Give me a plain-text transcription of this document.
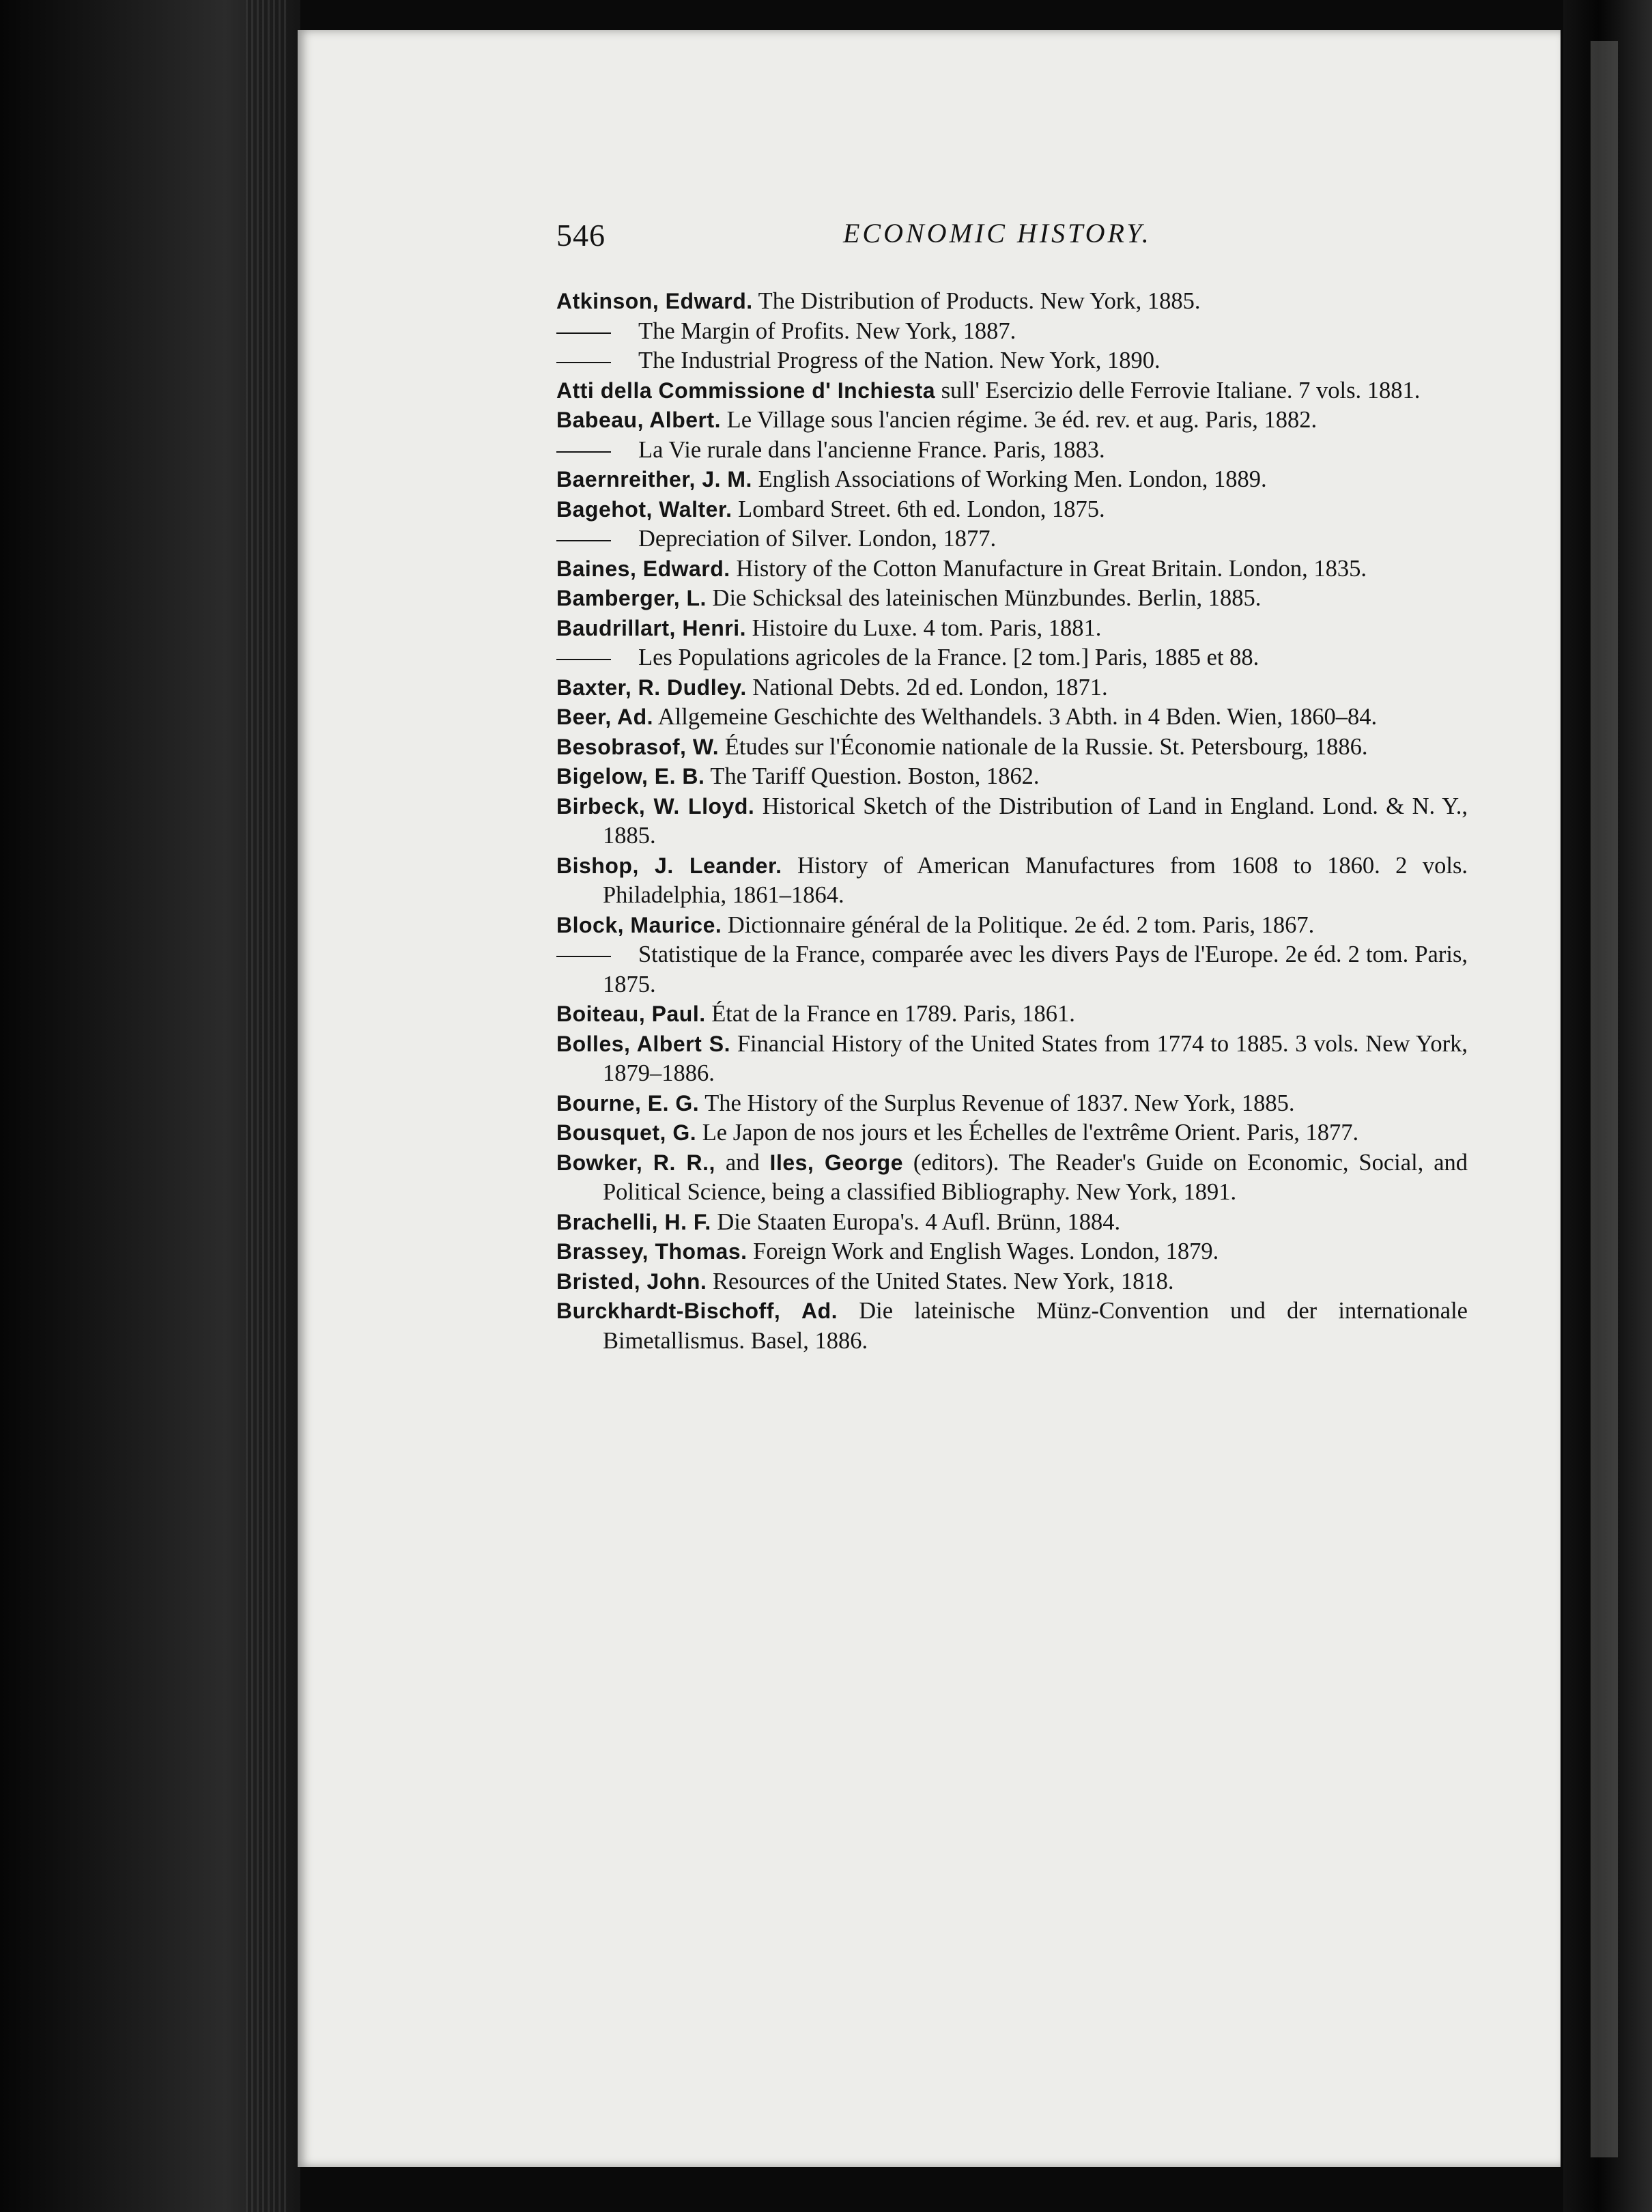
546	ECONOMIC HISTORY.

Atkinson, Edward. The Distribution of Products. New York, 1885.

The Margin of Profits. New York, 1887.

The Industrial Progress of the Nation. New York, 1890.

Atti della Commissione d' Inchiesta sull' Esercizio delle Ferrovie Italiane. 7 vols. 1881.

Babeau, Albert. Le Village sous l'ancien régime. 3e éd. rev. et aug. Paris, 1882.

La Vie rurale dans l'ancienne France. Paris, 1883.

Baernreither, J. M. English Associations of Working Men. London, 1889.

Bagehot, Walter. Lombard Street. 6th ed. London, 1875.

Depreciation of Silver. London, 1877.

Baines, Edward. History of the Cotton Manufacture in Great Britain. London, 1835.

Bamberger, L. Die Schicksal des lateinischen Münzbundes. Berlin, 1885.

Baudrillart, Henri. Histoire du Luxe. 4 tom. Paris, 1881.

Les Populations agricoles de la France. [2 tom.] Paris, 1885 et 88.

Baxter, R. Dudley. National Debts. 2d ed. London, 1871.

Beer, Ad. Allgemeine Geschichte des Welthandels. 3 Abth. in 4 Bden. Wien, 1860–84.

Besobrasof, W. Études sur l'Économie nationale de la Russie. St. Petersbourg, 1886.

Bigelow, E. B. The Tariff Question. Boston, 1862.

Birbeck, W. Lloyd. Historical Sketch of the Distribution of Land in England. Lond. & N. Y., 1885.

Bishop, J. Leander. History of American Manufactures from 1608 to 1860. 2 vols. Philadelphia, 1861–1864.

Block, Maurice. Dictionnaire général de la Politique. 2e éd. 2 tom. Paris, 1867.

Statistique de la France, comparée avec les divers Pays de l'Europe. 2e éd. 2 tom. Paris, 1875.

Boiteau, Paul. État de la France en 1789. Paris, 1861.

Bolles, Albert S. Financial History of the United States from 1774 to 1885. 3 vols. New York, 1879–1886.

Bourne, E. G. The History of the Surplus Revenue of 1837. New York, 1885.

Bousquet, G. Le Japon de nos jours et les Échelles de l'extrême Orient. Paris, 1877.

Bowker, R. R., and Iles, George (editors). The Reader's Guide on Economic, Social, and Political Science, being a classified Bibliography. New York, 1891.

Brachelli, H. F. Die Staaten Europa's. 4 Aufl. Brünn, 1884.

Brassey, Thomas. Foreign Work and English Wages. London, 1879.

Bristed, John. Resources of the United States. New York, 1818.

Burckhardt-Bischoff, Ad. Die lateinische Münz-Convention und der internationale Bimetallismus. Basel, 1886.
